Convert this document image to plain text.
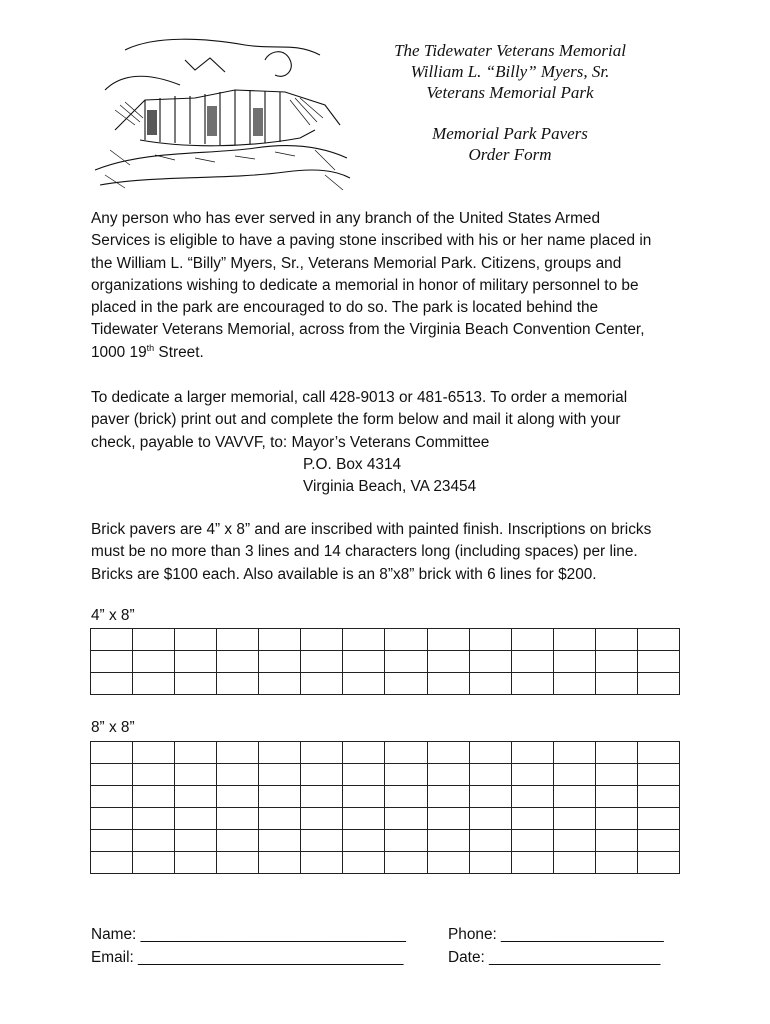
The Tidewater Veterans Memorial
William L. “Billy” Myers, Sr.
Veterans Memorial Park
Memorial Park Pavers
Order Form
Any person who has ever served in any branch of the United States Armed
Services is eligible to have a paving stone inscribed with his or her name placed in
the William L. “Billy” Myers, Sr., Veterans Memorial Park. Citizens, groups and
organizations wishing to dedicate a memorial in honor of military personnel to be
placed in the park are encouraged to do so. The park is located behind the
Tidewater Veterans Memorial, across from the Virginia Beach Convention Center,
1000 19th Street.
To dedicate a larger memorial, call 428-9013 or 481-6513. To order a memorial
paver (brick) print out and complete the form below and mail it along with your
check, payable to VAVVF, to: Mayor’s Veterans Committee
P.O. Box 4314
Virginia Beach, VA 23454
Brick pavers are 4” x 8” and are inscribed with painted finish. Inscriptions on bricks
must be no more than 3 lines and 14 characters long (including spaces) per line.
Bricks are $100 each. Also available is an 8”x8” brick with 6 lines for $200.
4” x 8”

8” x 8”

Name: _______________________________	Phone: ___________________
Email: _______________________________	Date: ____________________
